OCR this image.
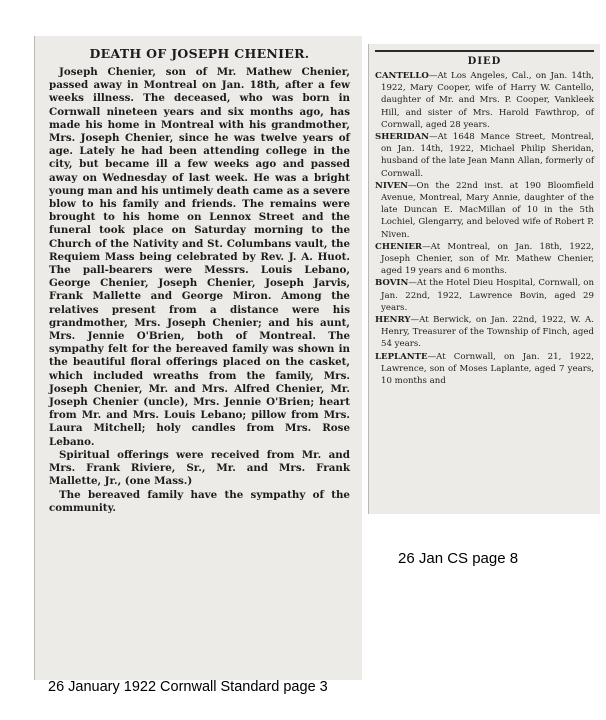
DEATH OF JOSEPH CHENIER.

Joseph Chenier, son of Mr. Mathew Chenier, passed away in Montreal on Jan. 18th, after a few weeks illness. The deceased, who was born in Cornwall nineteen years and six months ago, has made his home in Montreal with his grandmother, Mrs. Joseph Chenier, since he was twelve years of age. Lately he had been attending college in the city, but became ill a few weeks ago and passed away on Wednesday of last week. He was a bright young man and his untimely death came as a severe blow to his family and friends. The remains were brought to his home on Lennox Street and the funeral took place on Saturday morning to the Church of the Nativity and St. Columbans vault, the Requiem Mass being celebrated by Rev. J. A. Huot. The pall-bearers were Messrs. Louis Lebano, George Chenier, Joseph Chenier, Joseph Jarvis, Frank Mallette and George Miron. Among the relatives present from a distance were his grandmother, Mrs. Joseph Chenier; and his aunt, Mrs. Jennie O'Brien, both of Montreal. The sympathy felt for the bereaved family was shown in the beautiful floral offerings placed on the casket, which included wreaths from the family, Mrs. Joseph Chenier, Mr. and Mrs. Alfred Chenier, Mr. Joseph Chenier (uncle), Mrs. Jennie O'Brien; heart from Mr. and Mrs. Louis Lebano; pillow from Mrs. Laura Mitchell; holy candles from Mrs. Rose Lebano.

Spiritual offerings were received from Mr. and Mrs. Frank Riviere, Sr., Mr. and Mrs. Frank Mallette, Jr., (one Mass.)

The bereaved family have the sympathy of the community.

DIED

CANTELLO—At Los Angeles, Cal., on Jan. 14th, 1922, Mary Cooper, wife of Harry W. Cantello, daughter of Mr. and Mrs. P. Cooper, Vankleek Hill, and sister of Mrs. Harold Fawthrop, of Cornwall, aged 28 years.

SHERIDAN—At 1648 Mance Street, Montreal, on Jan. 14th, 1922, Michael Philip Sheridan, husband of the late Jean Mann Allan, formerly of Cornwall.

NIVEN—On the 22nd inst. at 190 Bloomfield Avenue, Montreal, Mary Annie, daughter of the late Duncan E. MacMillan of 10 in the 5th Lochiel, Glengarry, and beloved wife of Robert P. Niven.

CHENIER—At Montreal, on Jan. 18th, 1922, Joseph Chenier, son of Mr. Mathew Chenier, aged 19 years and 6 months.

BOVIN—At the Hotel Dieu Hospital, Cornwall, on Jan. 22nd, 1922, Lawrence Bovin, aged 29 years.

HENRY—At Berwick, on Jan. 22nd, 1922, W. A. Henry, Treasurer of the Township of Finch, aged 54 years.

LEPLANTE—At Cornwall, on Jan. 21, 1922, Lawrence, son of Moses Laplante, aged 7 years, 10 months and

26 Jan CS page 8
26 January 1922 Cornwall Standard page 3
